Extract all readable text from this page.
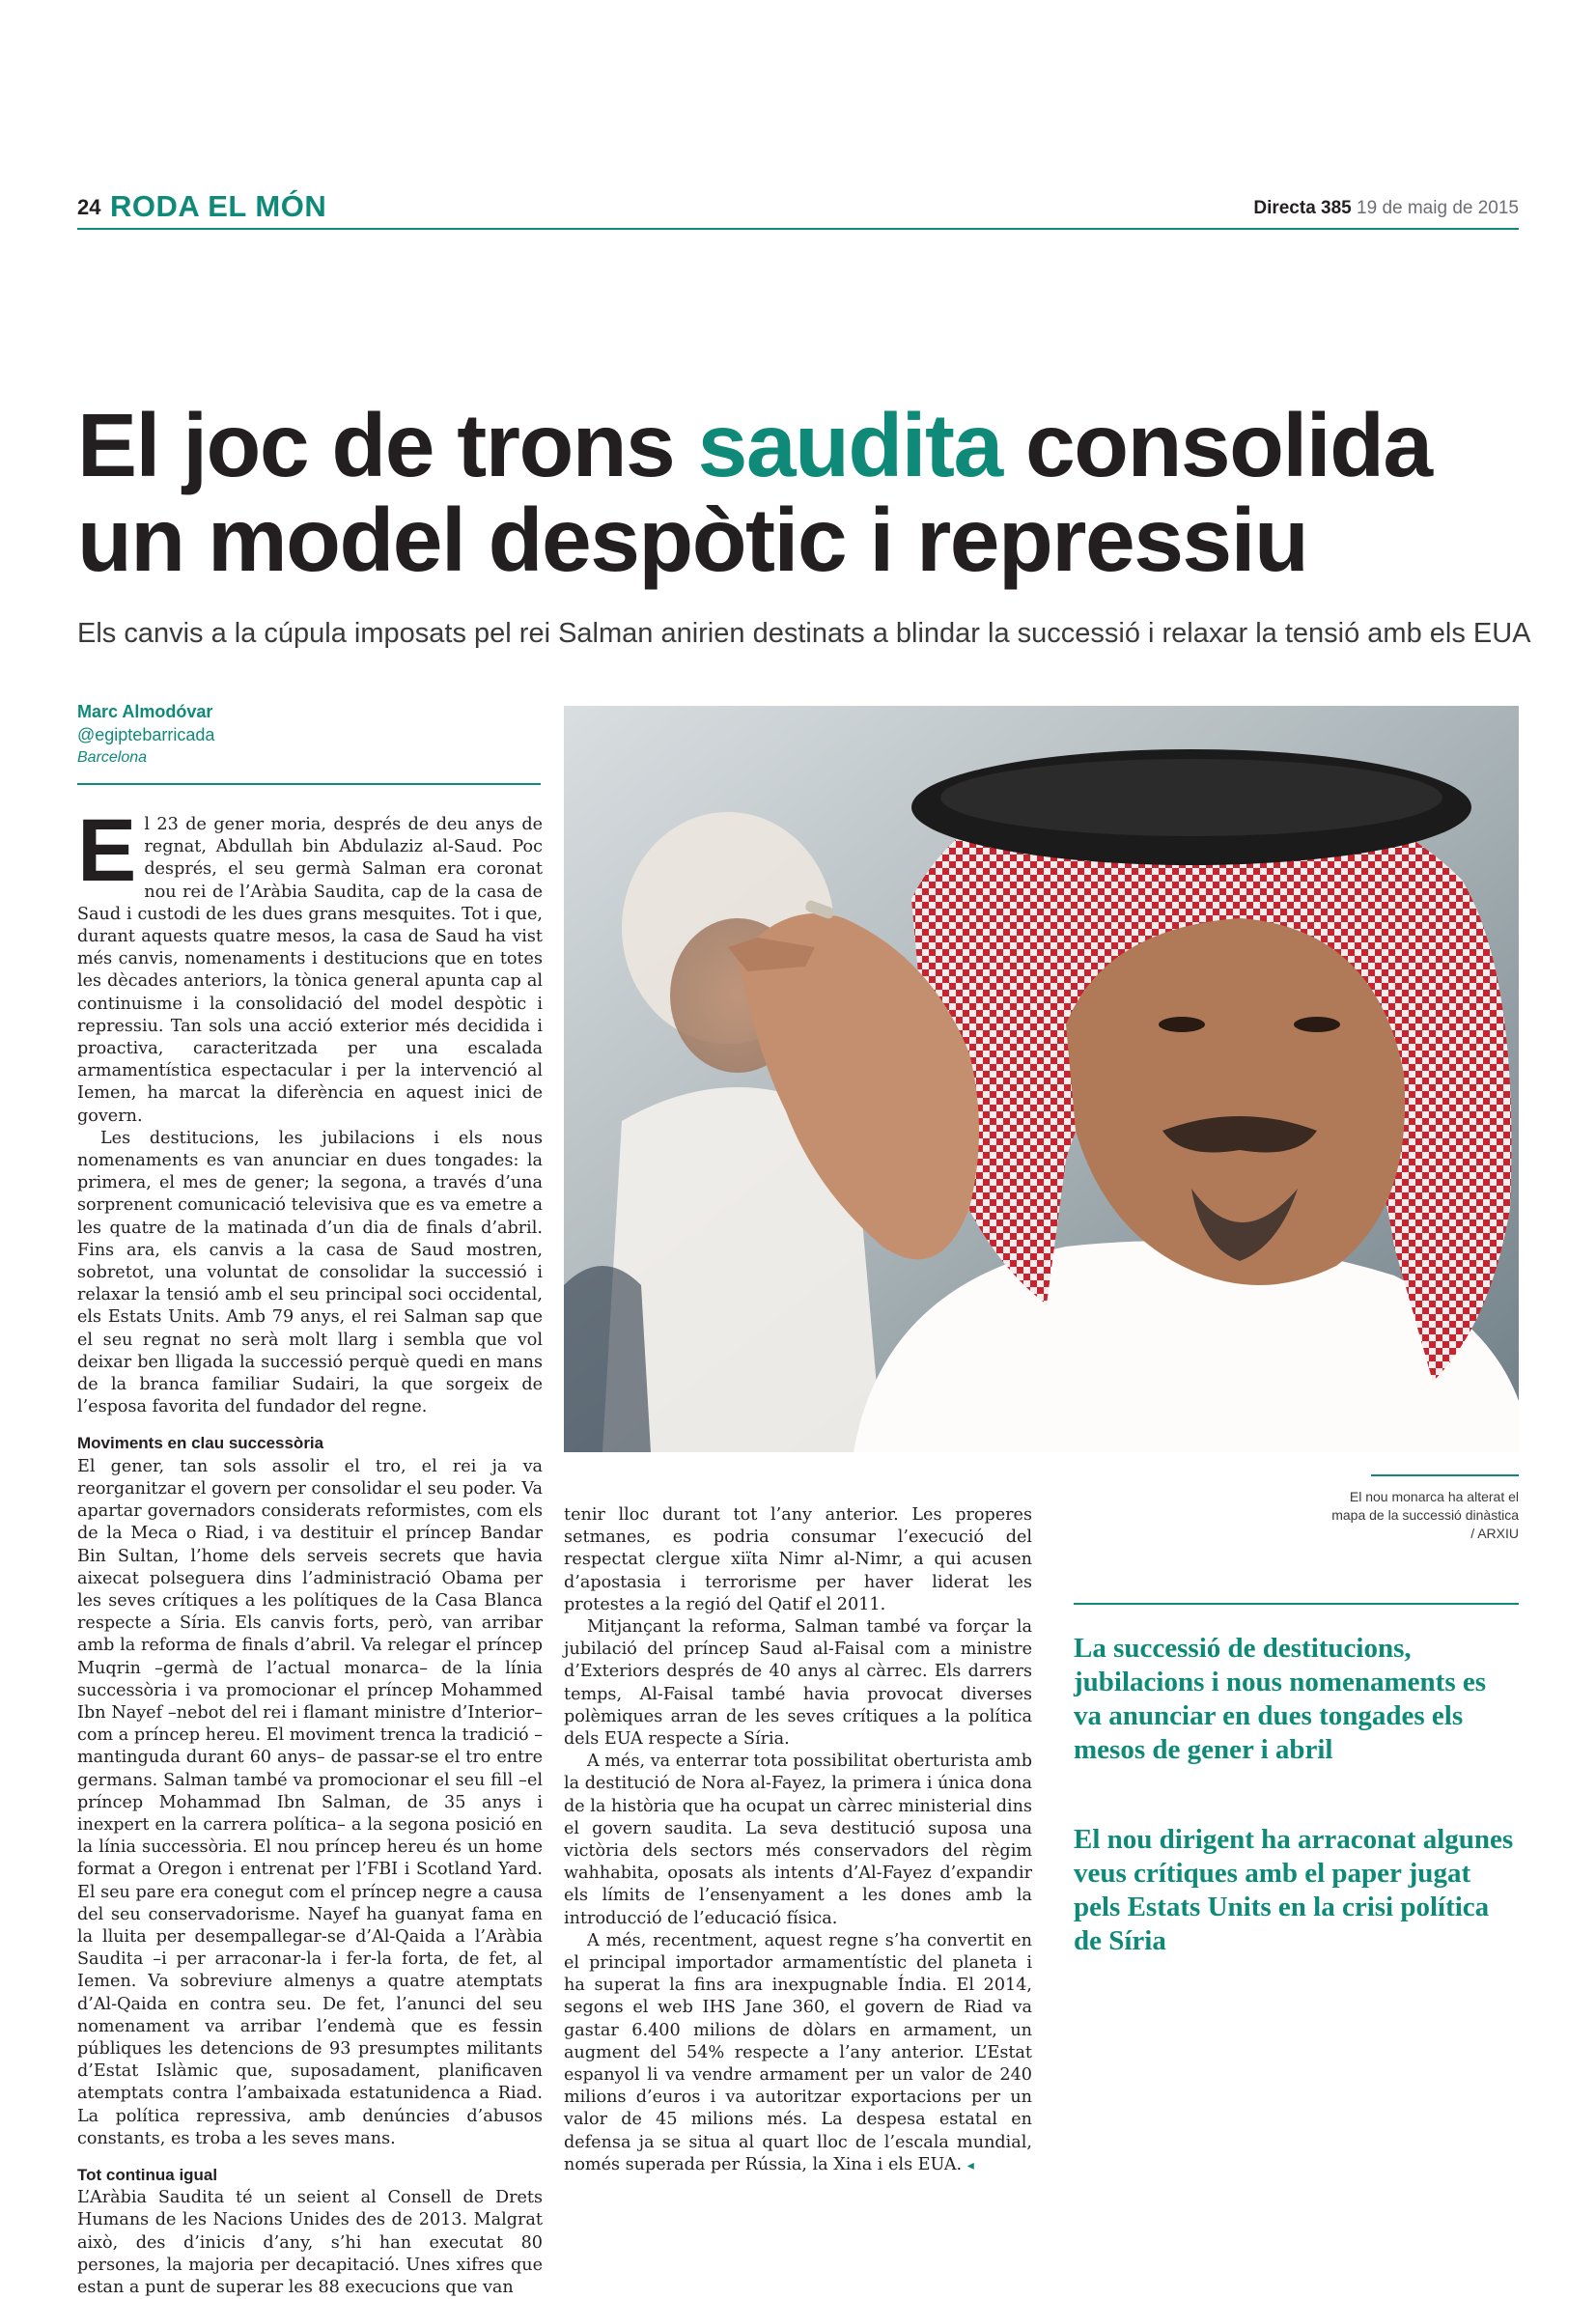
24 RODA EL MÓN	Directa 385 19 de maig de 2015
El joc de trons saudita consolida
un model despòtic i repressiu
Els canvis a la cúpula imposats pel rei Salman anirien destinats a blindar la successió i relaxar la tensió amb els EUA
Marc Almodóvar
@egiptebarricada
Barcelona

El 23 de gener moria, després de deu anys de regnat, Abdullah bin Abdulaziz al-Saud. Poc després, el seu germà Salman era coronat nou rei de l’Aràbia Saudita, cap de la casa de Saud i custodi de les dues grans mesquites. Tot i que, durant aquests quatre mesos, la casa de Saud ha vist més canvis, nomenaments i destitucions que en totes les dècades anteriors, la tònica general apunta cap al continuisme i la consolidació del model despòtic i repressiu. Tan sols una acció exterior més decidida i proactiva, caracteritzada per una escalada armamentística espectacular i per la intervenció al Iemen, ha marcat la diferència en aquest inici de govern.

Les destitucions, les jubilacions i els nous nomenaments es van anunciar en dues tongades: la primera, el mes de gener; la segona, a través d’una sorprenent comunicació televisiva que es va emetre a les quatre de la matinada d’un dia de finals d’abril. Fins ara, els canvis a la casa de Saud mostren, sobretot, una voluntat de consolidar la successió i relaxar la tensió amb el seu principal soci occidental, els Estats Units. Amb 79 anys, el rei Salman sap que el seu regnat no serà molt llarg i sembla que vol deixar ben lligada la successió perquè quedi en mans de la branca familiar Sudairi, la que sorgeix de l’esposa favorita del fundador del regne.

Moviments en clau successòria

El gener, tan sols assolir el tro, el rei ja va reorganitzar el govern per consolidar el seu poder. Va apartar governadors considerats reformistes, com els de la Meca o Riad, i va destituir el príncep Bandar Bin Sultan, l’home dels serveis secrets que havia aixecat polseguera dins l’administració Obama per les seves crítiques a les polítiques de la Casa Blanca respecte a Síria. Els canvis forts, però, van arribar amb la reforma de finals d’abril. Va relegar el príncep Muqrin –germà de l’actual monarca– de la línia successòria i va promocionar el príncep Mohammed Ibn Nayef –nebot del rei i flamant ministre d’Interior– com a príncep hereu. El moviment trenca la tradició –mantinguda durant 60 anys– de passar-se el tro entre germans. Salman també va promocionar el seu fill –el príncep Mohammad Ibn Salman, de 35 anys i inexpert en la carrera política– a la segona posició en la línia successòria. El nou príncep hereu és un home format a Oregon i entrenat per l’FBI i Scotland Yard. El seu pare era conegut com el príncep negre a causa del seu conservadorisme. Nayef ha guanyat fama en la lluita per desempallegar-se d’Al-Qaida a l’Aràbia Saudita –i per arraconar-la i fer-la forta, de fet, al Iemen. Va sobreviure almenys a quatre atemptats d’Al-Qaida en contra seu. De fet, l’anunci del seu nomenament va arribar l’endemà que es fessin públiques les detencions de 93 presumptes militants d’Estat Islàmic que, suposadament, planificaven atemptats contra l’ambaixada estatunidenca a Riad. La política repressiva, amb denúncies d’abusos constants, es troba a les seves mans.

Tot continua igual

L’Aràbia Saudita té un seient al Consell de Drets Humans de les Nacions Unides des de 2013. Malgrat això, des d’inicis d’any, s’hi han executat 80 persones, la majoria per decapitació. Unes xifres que estan a punt de superar les 88 execucions que van

El nou monarca ha alterat el mapa de la successió dinàstica
/ ARXIU

tenir lloc durant tot l’any anterior. Les properes setmanes, es podria consumar l’execució del respectat clergue xiïta Nimr al-Nimr, a qui acusen d’apostasia i terrorisme per haver liderat les protestes a la regió del Qatif el 2011.

Mitjançant la reforma, Salman també va forçar la jubilació del príncep Saud al-Faisal com a ministre d’Exteriors després de 40 anys al càrrec. Els darrers temps, Al-Faisal també havia provocat diverses polèmiques arran de les seves crítiques a la política dels EUA respecte a Síria.

A més, va enterrar tota possibilitat oberturista amb la destitució de Nora al-Fayez, la primera i única dona de la història que ha ocupat un càrrec ministerial dins el govern saudita. La seva destitució suposa una victòria dels sectors més conservadors del règim wahhabita, oposats als intents d’Al-Fayez d’expandir els límits de l’ensenyament a les dones amb la introducció de l’educació física.

A més, recentment, aquest regne s’ha convertit en el principal importador armamentístic del planeta i ha superat la fins ara inexpugnable Índia. El 2014, segons el web IHS Jane 360, el govern de Riad va gastar 6.400 milions de dòlars en armament, un augment del 54% respecte a l’any anterior. L’Estat espanyol li va vendre armament per un valor de 240 milions d’euros i va autoritzar exportacions per un valor de 45 milions més. La despesa estatal en defensa ja se situa al quart lloc de l’escala mundial, només superada per Rússia, la Xina i els EUA. ◂

La successió de destitucions, jubilacions i nous nomenaments es va anunciar en dues tongades els mesos de gener i abril
El nou dirigent ha arraconat algunes veus crítiques amb el paper jugat pels Estats Units en la crisi política de Síria
